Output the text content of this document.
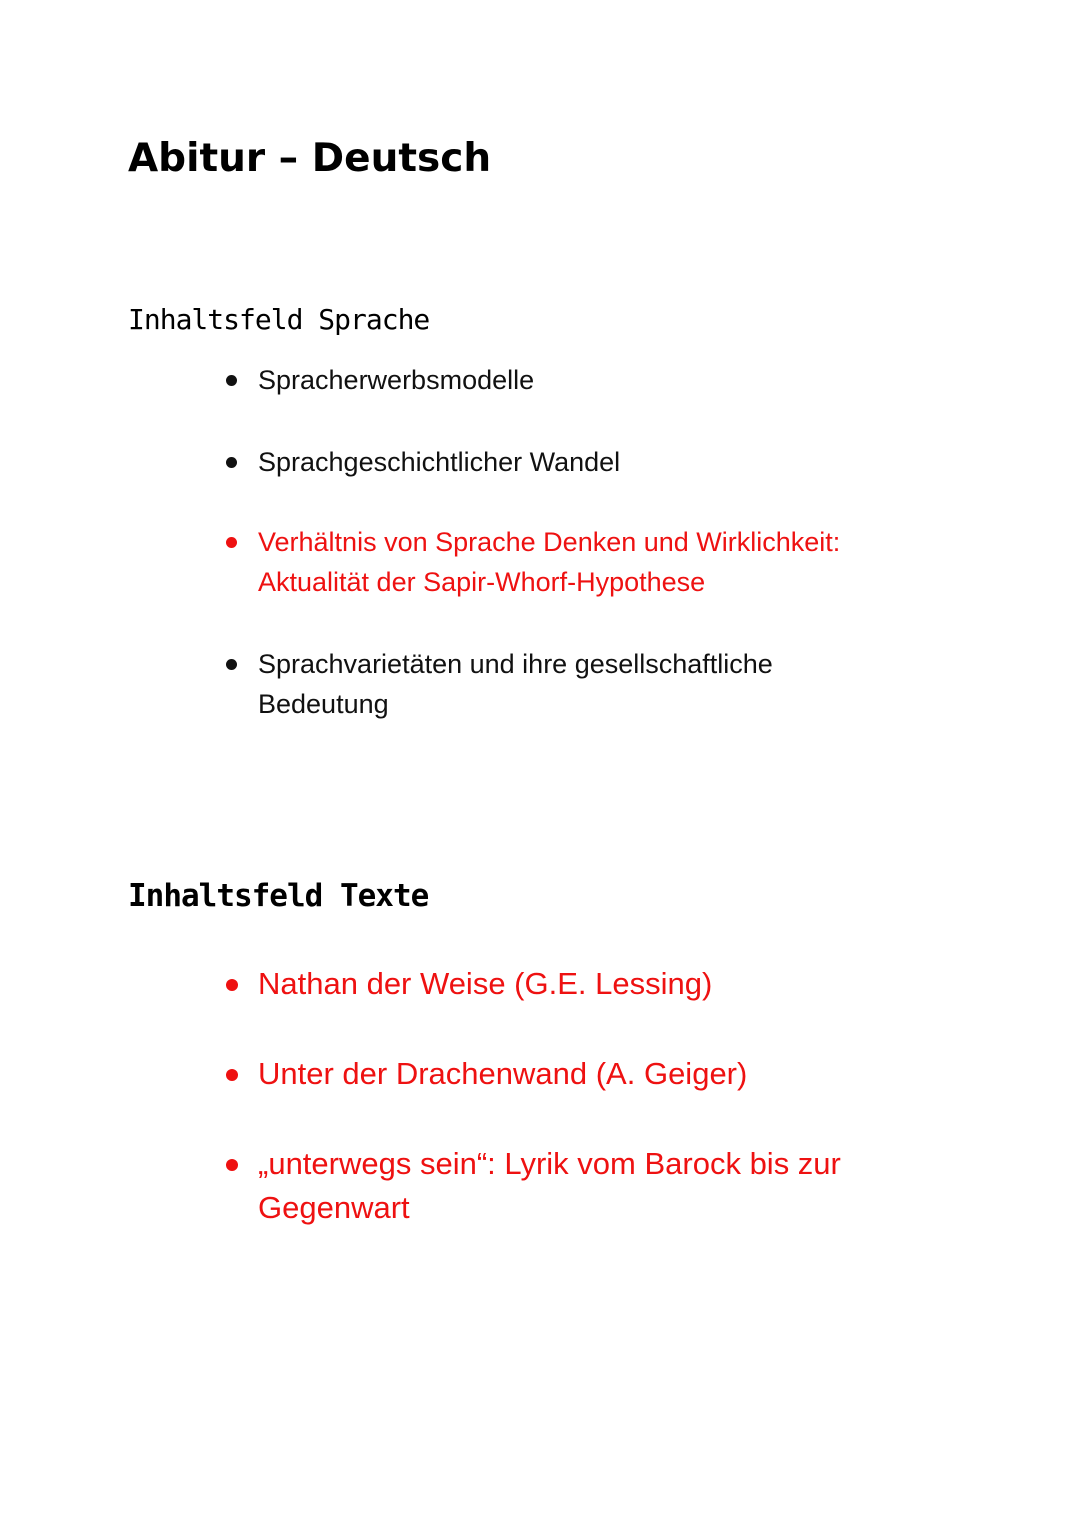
Abitur – Deutsch
Inhaltsfeld Sprache
Spracherwerbsmodelle
Sprachgeschichtlicher Wandel
Verhältnis von Sprache Denken und Wirklichkeit:
Aktualität der Sapir-Whorf-Hypothese
Sprachvarietäten und ihre gesellschaftliche
Bedeutung
Inhaltsfeld Texte
Nathan der Weise (G.E. Lessing)
Unter der Drachenwand (A. Geiger)
„unterwegs sein“: Lyrik vom Barock bis zur
Gegenwart
